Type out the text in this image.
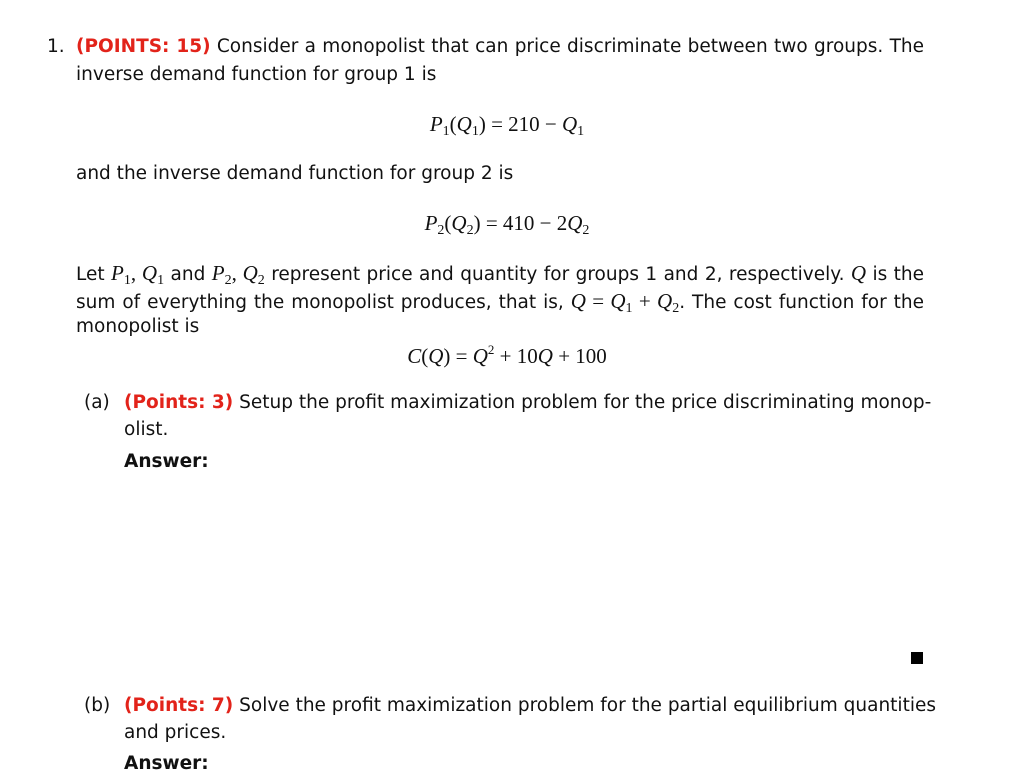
1. (POINTS: 15) Consider a monopolist that can price discriminate between two groups. The
inverse demand function for group 1 is
$P_1(Q_1) = 210 - Q_1$
and the inverse demand function for group 2 is
$P_2(Q_2) = 410 - 2Q_2$
Let $P_1$, $Q_1$ and $P_2$, $Q_2$ represent price and quantity for groups 1 and 2, respectively. Q is the
sum of everything the monopolist produces, that is, $Q = Q_1 + Q_2$. The cost function for the
monopolist is
$C(Q) = Q^2 + 10Q + 100$
(a) (Points: 3) Setup the profit maximization problem for the price discriminating monop-
olist.
Answer:
(b) (Points: 7) Solve the profit maximization problem for the partial equilibrium quantities
and prices.
Answer:
